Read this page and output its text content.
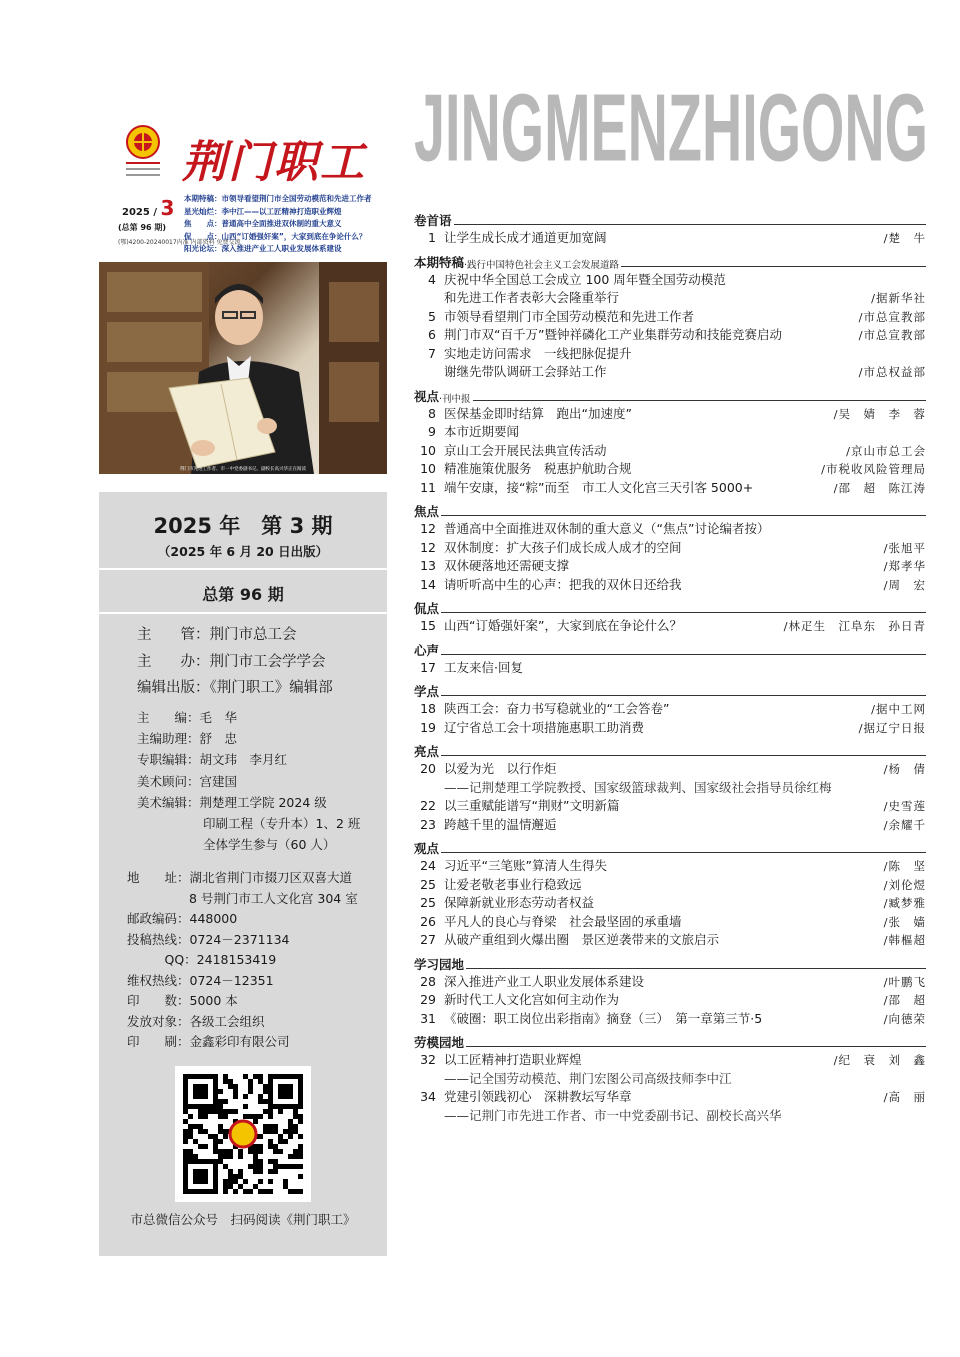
荆门职工 JINGMENZHIGONG
2025 / 3
(总第 96 期)
(鄂)4200-20240017内准 内部资料 免费交流
本期特稿：市领导看望荆门市全国劳动模范和先进工作者
星光灿烂：李中江——以工匠精神打造职业辉煌
焦　　点：普通高中全面推进双休制的重大意义
侃　　点：山西“订婚强奸案”，大家到底在争论什么？
阳光论坛：深入推进产业工人职业发展体系建设
荆门市先进工作者、市一中党委副书记、副校长高兴华正在阅读
2025 年　第 3 期
（2025 年 6 月 20 日出版）
总第 96 期
主　　管：荆门市总工会
主　　办：荆门市工会学学会
编辑出版：《荆门职工》编辑部
主　　编：毛　华
主编助理：舒　忠
专职编辑：胡文玮　李月红
美术顾问：宫建国
美术编辑：荆楚理工学院 2024 级
印刷工程（专升本）1、2 班
全体学生参与（60 人）
地　　址：湖北省荆门市掇刀区双喜大道
8 号荆门市工人文化宫 304 室
邮政编码：448000
投稿热线：0724－2371134
　　　QQ：2418153419
维权热线：0724－12351
印　　数：5000 本
发放对象：各级工会组织
印　　刷：金鑫彩印有限公司
市总微信公众号　扫码阅读《荆门职工》
卷首语
1 让学生成长成才通道更加宽阔	/楚　牛
本期特稿 ·践行中国特色社会主义工会发展道路
4 庆祝中华全国总工会成立 100 周年暨全国劳动模范
和先进工作者表彰大会隆重举行	/据新华社
5 市领导看望荆门市全国劳动模范和先进工作者	/市总宣教部
6 荆门市双“百千万”暨钟祥磷化工产业集群劳动和技能竞赛启动	/市总宣教部
7 实地走访问需求　一线把脉促提升
谢继先带队调研工会驿站工作	/市总权益部
视点 ·刊中报
8 医保基金即时结算　跑出“加速度”	/吴　婧　李　蓉
9 本市近期要闻
10 京山工会开展民法典宣传活动	/京山市总工会
10 精准施策优服务　税惠护航助合规	/市税收风险管理局
11 端午安康，接“粽”而至　市工人文化宫三天引客 5000+	/邵　超　陈江涛
焦点
12 普通高中全面推进双休制的重大意义（“焦点”讨论编者按）
12 双休制度：扩大孩子们成长成人成才的空间	/张旭平
13 双休硬落地还需硬支撑	/郑孝华
14 请听听高中生的心声：把我的双休日还给我	/周　宏
侃点
15 山西“订婚强奸案”，大家到底在争论什么？	/林疋生　江阜东　孙日青
心声
17 工友来信·回复
学点
18 陕西工会：奋力书写稳就业的“工会答卷”	/据中工网
19 辽宁省总工会十项措施惠职工助消费	/据辽宁日报
亮点
20 以爱为光　以行作炬	/杨　倩
——记荆楚理工学院教授、国家级篮球裁判、国家级社会指导员徐红梅
22 以三重赋能谱写“荆财”文明新篇	/史雪莲
23 跨越千里的温情邂逅	/余耀千
观点
24 习近平“三笔账”算清人生得失	/陈　坚
25 让爱老敬老事业行稳致远	/刘伦煜
25 保障新就业形态劳动者权益	/臧梦雅
26 平凡人的良心与脊梁　社会最坚固的承重墙	/张　嫱
27 从破产重组到火爆出圈　景区逆袭带来的文旅启示	/韩樞超
学习园地
28 深入推进产业工人职业发展体系建设	/叶鹏飞
29 新时代工人文化宫如何主动作为	/邵　超
31 《破圈：职工岗位出彩指南》摘登（三）　第一章第三节·5	/向德荣
劳模园地
32 以工匠精神打造职业辉煌	/纪　衰　刘　鑫
——记全国劳动模范、荆门宏图公司高级技师李中江
34 党建引领践初心　深耕教坛写华章	/高　丽
——记荆门市先进工作者、市一中党委副书记、副校长高兴华
